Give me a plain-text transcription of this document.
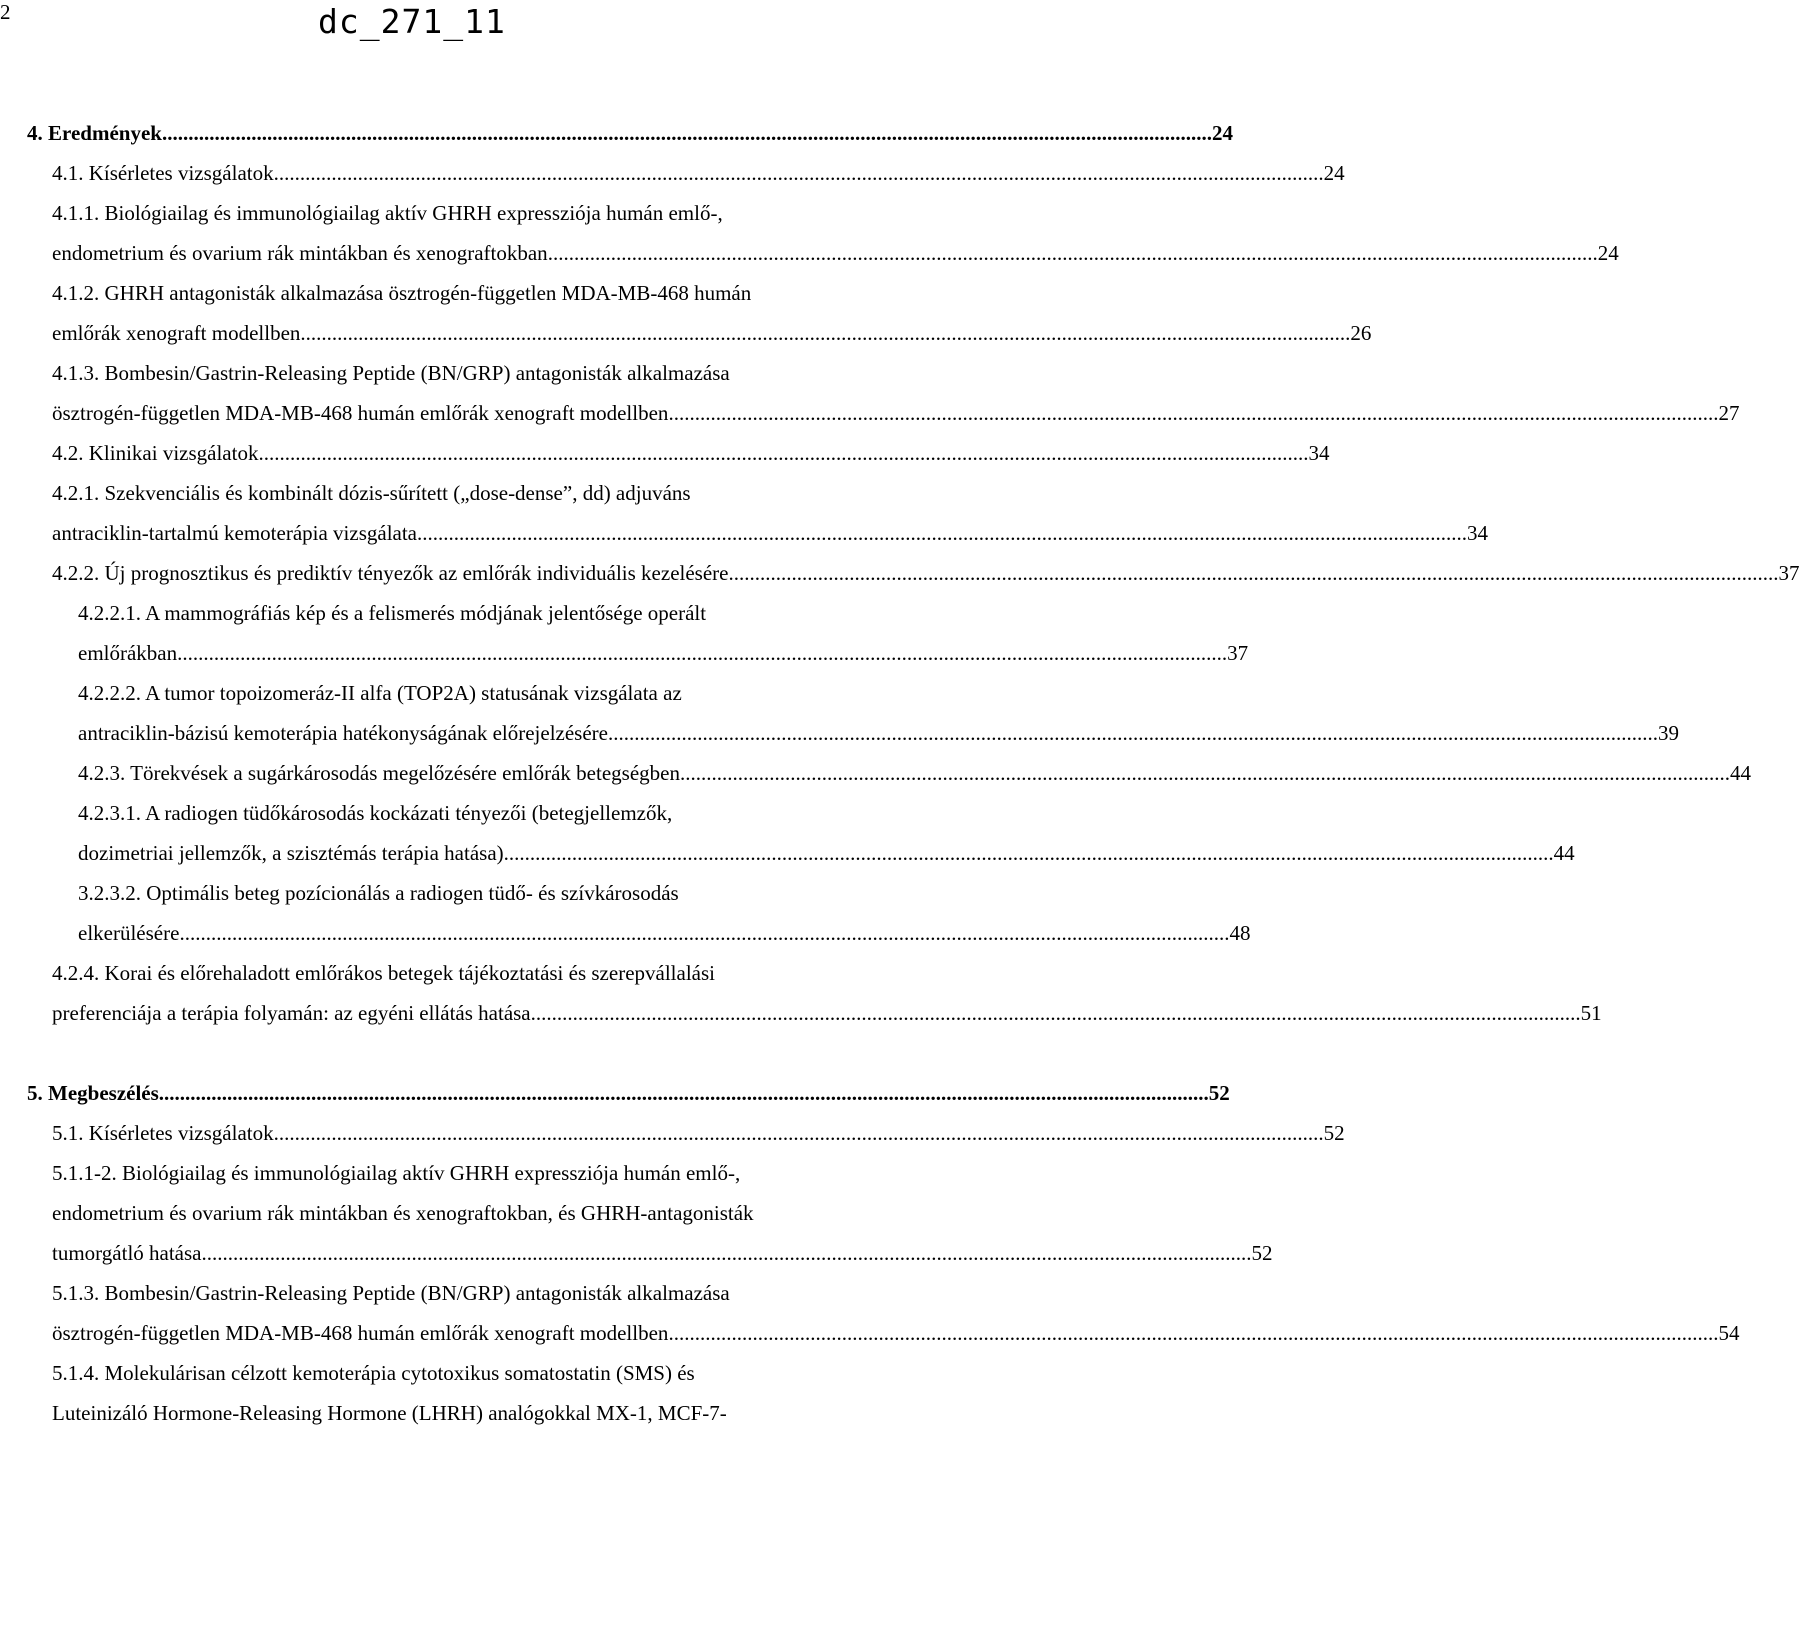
2	dc_271_11
4. Eredmények ........................................................................................................................................................................................................ 24
4.1. Kísérletes vizsgálatok ........................................................................................................................................................................................................ 24
4.1.1. Biológiailag és immunológiailag aktív GHRH expressziója humán emlő-,
endometrium és ovarium rák mintákban és xenograftokban ........................................................................................................................................................................................................ 24
4.1.2. GHRH antagonisták alkalmazása ösztrogén-független MDA-MB-468 humán
emlőrák xenograft modellben ........................................................................................................................................................................................................ 26
4.1.3. Bombesin/Gastrin-Releasing Peptide (BN/GRP) antagonisták alkalmazása
ösztrogén-független MDA-MB-468 humán emlőrák xenograft modellben ........................................................................................................................................................................................................ 27
4.2. Klinikai vizsgálatok ........................................................................................................................................................................................................ 34
4.2.1. Szekvenciális és kombinált dózis-sűrített („dose-dense”, dd) adjuváns
antraciklin-tartalmú kemoterápia vizsgálata ........................................................................................................................................................................................................ 34
4.2.2. Új prognosztikus és prediktív tényezők az emlőrák individuális kezelésére ........................................................................................................................................................................................................ 37
4.2.2.1. A mammográfiás kép és a felismerés módjának jelentősége operált
emlőrákban ........................................................................................................................................................................................................ 37
4.2.2.2. A tumor topoizomeráz-II alfa (TOP2A) statusának vizsgálata az
antraciklin-bázisú kemoterápia hatékonyságának előrejelzésére ........................................................................................................................................................................................................ 39
4.2.3. Törekvések a sugárkárosodás megelőzésére emlőrák betegségben ........................................................................................................................................................................................................ 44
4.2.3.1. A radiogen tüdőkárosodás kockázati tényezői (betegjellemzők,
dozimetriai jellemzők, a szisztémás terápia hatása) ........................................................................................................................................................................................................ 44
3.2.3.2. Optimális beteg pozícionálás a radiogen tüdő- és szívkárosodás
elkerülésére ........................................................................................................................................................................................................ 48
4.2.4. Korai és előrehaladott emlőrákos betegek tájékoztatási és szerepvállalási
preferenciája a terápia folyamán: az egyéni ellátás hatása ........................................................................................................................................................................................................ 51
5. Megbeszélés ........................................................................................................................................................................................................ 52
5.1. Kísérletes vizsgálatok ........................................................................................................................................................................................................ 52
5.1.1-2. Biológiailag és immunológiailag aktív GHRH expressziója humán emlő-,
endometrium és ovarium rák mintákban és xenograftokban, és GHRH-antagonisták
tumorgátló hatása ........................................................................................................................................................................................................ 52
5.1.3. Bombesin/Gastrin-Releasing Peptide (BN/GRP) antagonisták alkalmazása
ösztrogén-független MDA-MB-468 humán emlőrák xenograft modellben ........................................................................................................................................................................................................ 54
5.1.4. Molekulárisan célzott kemoterápia cytotoxikus somatostatin (SMS) és
Luteinizáló Hormone-Releasing Hormone (LHRH) analógokkal MX-1, MCF-7-
